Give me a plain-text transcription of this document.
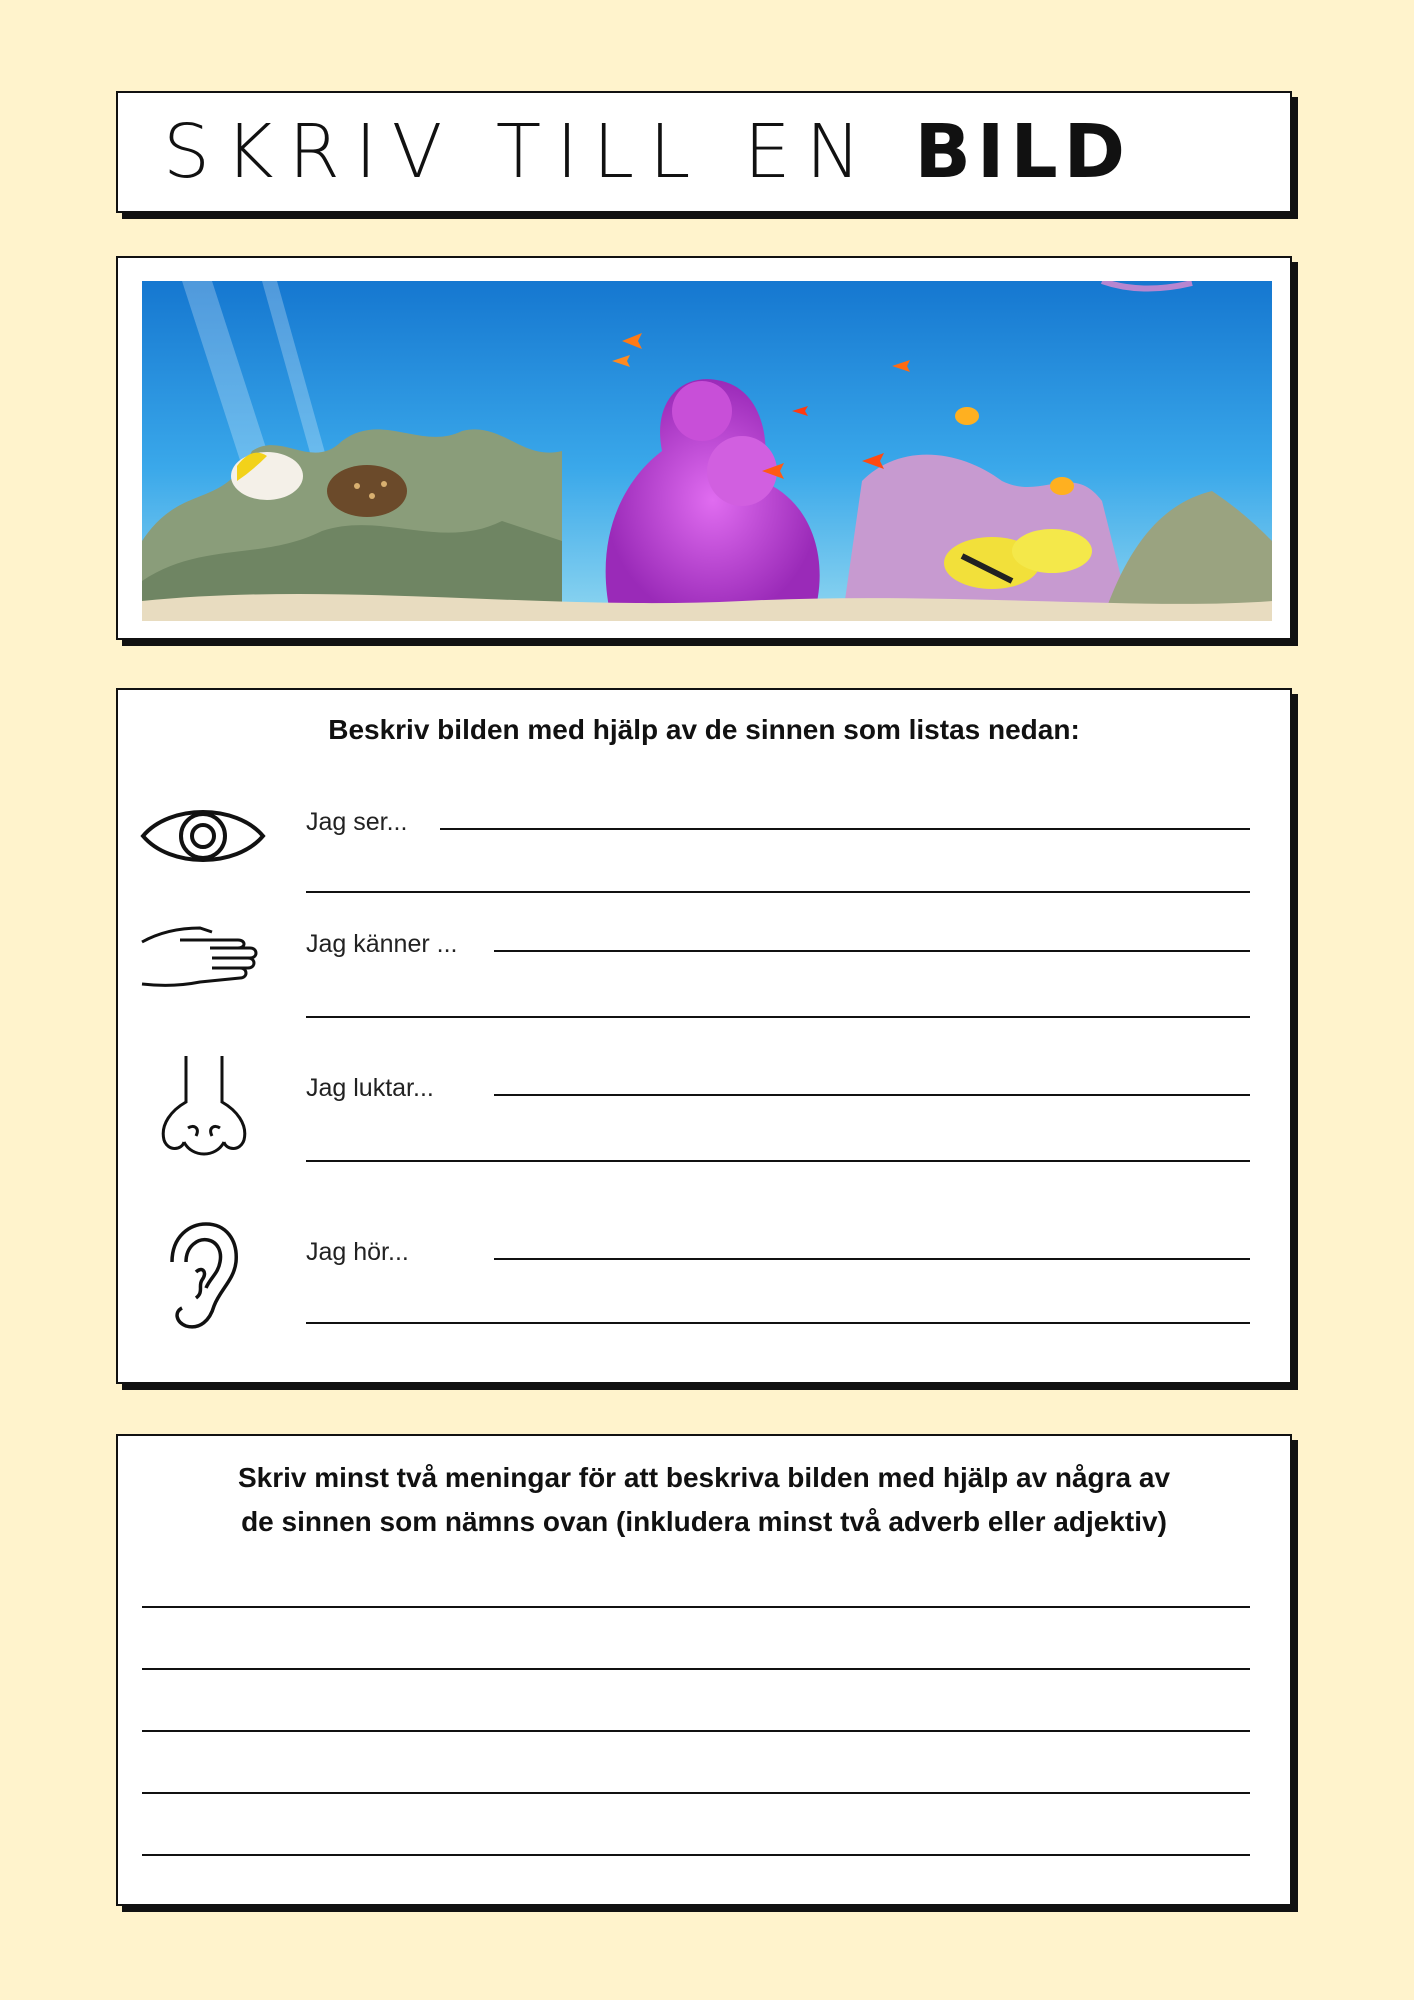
SKRIV TILL EN BILD
Beskriv bilden med hjälp av de sinnen som listas nedan:
Jag ser...
Jag känner ...
Jag luktar...
Jag hör...
Skriv minst två meningar för att beskriva bilden med hjälp av några av
de sinnen som nämns ovan (inkludera minst två adverb eller adjektiv)
